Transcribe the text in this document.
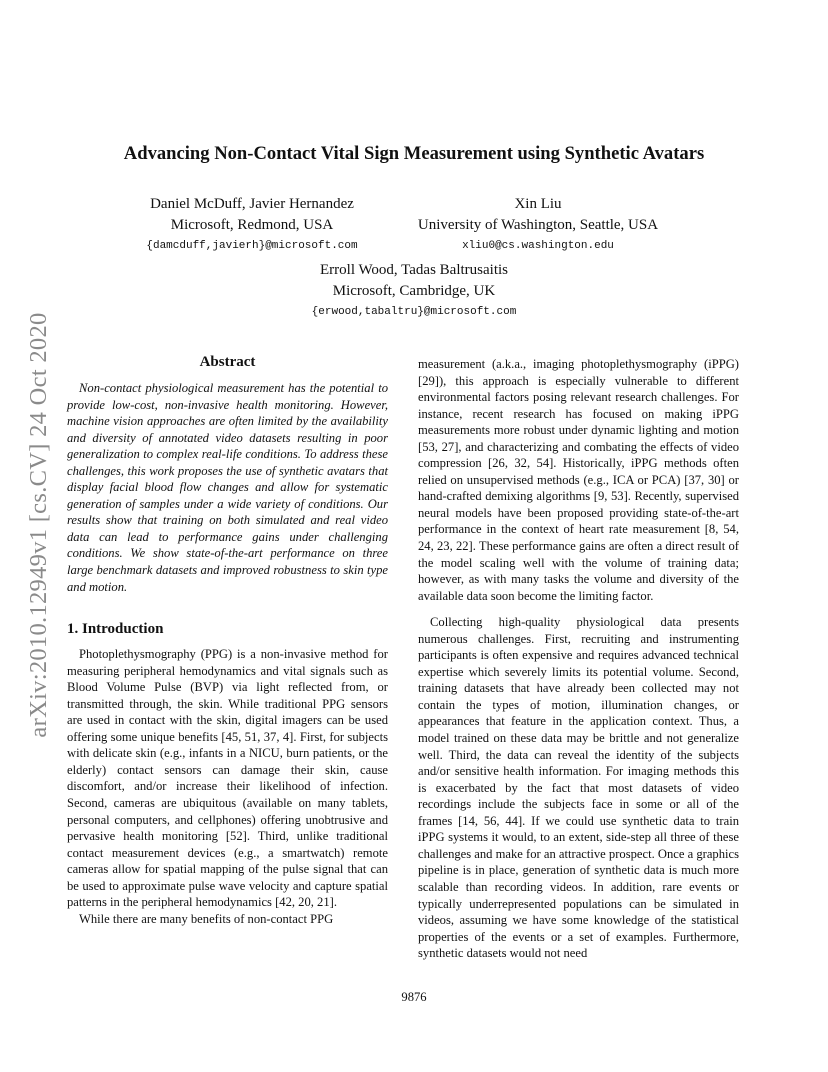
arXiv:2010.12949v1 [cs.CV] 24 Oct 2020
Advancing Non-Contact Vital Sign Measurement using Synthetic Avatars
Daniel McDuff, Javier Hernandez
Microsoft, Redmond, USA
{damcduff,javierh}@microsoft.com
Xin Liu
University of Washington, Seattle, USA
xliu0@cs.washington.edu
Erroll Wood, Tadas Baltrusaitis
Microsoft, Cambridge, UK
{erwood,tabaltru}@microsoft.com
Abstract

Non-contact physiological measurement has the potential to provide low-cost, non-invasive health monitoring. However, machine vision approaches are often limited by the availability and diversity of annotated video datasets resulting in poor generalization to complex real-life conditions. To address these challenges, this work proposes the use of synthetic avatars that display facial blood flow changes and allow for systematic generation of samples under a wide variety of conditions. Our results show that training on both simulated and real video data can lead to performance gains under challenging conditions. We show state-of-the-art performance on three large benchmark datasets and improved robustness to skin type and motion.

1. Introduction

Photoplethysmography (PPG) is a non-invasive method for measuring peripheral hemodynamics and vital signals such as Blood Volume Pulse (BVP) via light reflected from, or transmitted through, the skin. While traditional PPG sensors are used in contact with the skin, digital imagers can be used offering some unique benefits [45, 51, 37, 4]. First, for subjects with delicate skin (e.g., infants in a NICU, burn patients, or the elderly) contact sensors can damage their skin, cause discomfort, and/or increase their likelihood of infection. Second, cameras are ubiquitous (available on many tablets, personal computers, and cellphones) offering unobtrusive and pervasive health monitoring [52]. Third, unlike traditional contact measurement devices (e.g., a smartwatch) remote cameras allow for spatial mapping of the pulse signal that can be used to approximate pulse wave velocity and capture spatial patterns in the peripheral hemodynamics [42, 20, 21].

While there are many benefits of non-contact PPG

measurement (a.k.a., imaging photoplethysmography (iPPG) [29]), this approach is especially vulnerable to different environmental factors posing relevant research challenges. For instance, recent research has focused on making iPPG measurements more robust under dynamic lighting and motion [53, 27], and characterizing and combating the effects of video compression [26, 32, 54]. Historically, iPPG methods often relied on unsupervised methods (e.g., ICA or PCA) [37, 30] or hand-crafted demixing algorithms [9, 53]. Recently, supervised neural models have been proposed providing state-of-the-art performance in the context of heart rate measurement [8, 54, 24, 23, 22]. These performance gains are often a direct result of the model scaling well with the volume of training data; however, as with many tasks the volume and diversity of the available data soon become the limiting factor.

Collecting high-quality physiological data presents numerous challenges. First, recruiting and instrumenting participants is often expensive and requires advanced technical expertise which severely limits its potential volume. Second, training datasets that have already been collected may not contain the types of motion, illumination changes, or appearances that feature in the application context. Thus, a model trained on these data may be brittle and not generalize well. Third, the data can reveal the identity of the subjects and/or sensitive health information. For imaging methods this is exacerbated by the fact that most datasets of video recordings include the subjects face in some or all of the frames [14, 56, 44]. If we could use synthetic data to train iPPG systems it would, to an extent, side-step all three of these challenges and make for an attractive prospect. Once a graphics pipeline is in place, generation of synthetic data is much more scalable than recording videos. In addition, rare events or typically underrepresented populations can be simulated in videos, assuming we have some knowledge of the statistical properties of the events or a set of examples. Furthermore, synthetic datasets would not need

9876
